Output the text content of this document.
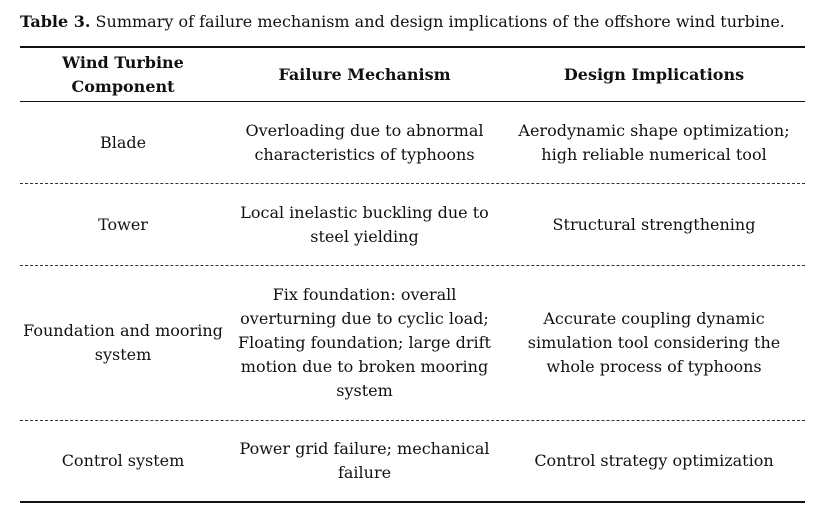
Table 3. Summary of failure mechanism and design implications of the offshore wind turbine.
Wind Turbine
Component
Failure Mechanism	Design Implications
Blade
Overloading due to abnormal
characteristics of typhoons
Aerodynamic shape optimization;
high reliable numerical tool
Tower
Local inelastic buckling due to
steel yielding
Structural strengthening
Foundation and mooring
system
Fix foundation: overall
overturning due to cyclic load;
Floating foundation; large drift
motion due to broken mooring
system
Accurate coupling dynamic
simulation tool considering the
whole process of typhoons
Control system
Power grid failure; mechanical
failure
Control strategy optimization
